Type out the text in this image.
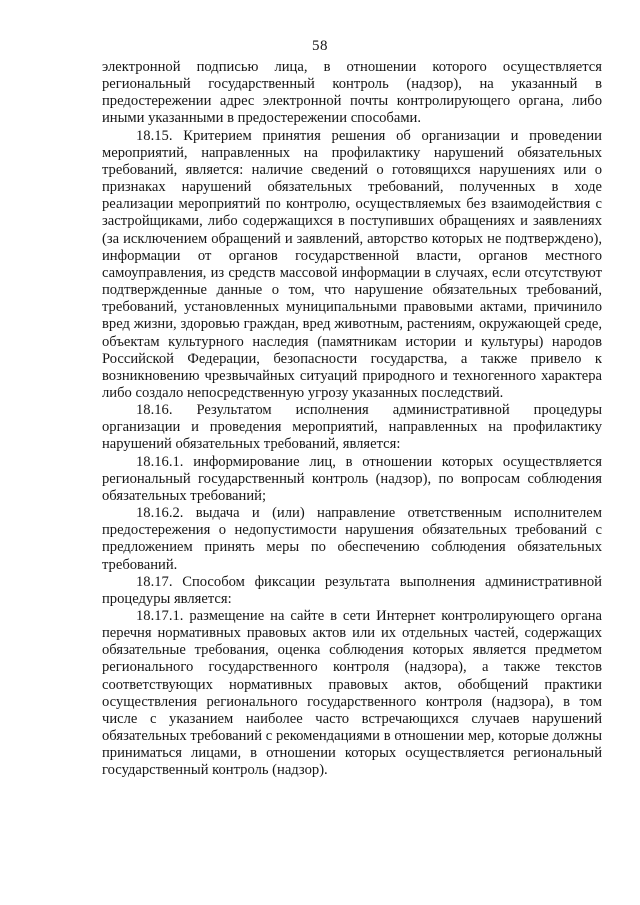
58

электронной подписью лица, в отношении которого осуществляется региональный государственный контроль (надзор), на указанный в предостережении адрес электронной почты контролирующего органа, либо иными указанными в предостережении способами.

18.15. Критерием принятия решения об организации и проведении мероприятий, направленных на профилактику нарушений обязательных требований, является: наличие сведений о готовящихся нарушениях или о признаках нарушений обязательных требований, полученных в ходе реализации мероприятий по контролю, осуществляемых без взаимодействия с застройщиками, либо содержащихся в поступивших обращениях и заявлениях (за исключением обращений и заявлений, авторство которых не подтверждено), информации от органов государственной власти, органов местного самоуправления, из средств массовой информации в случаях, если отсутствуют подтвержденные данные о том, что нарушение обязательных требований, требований, установленных муниципальными правовыми актами, причинило вред жизни, здоровью граждан, вред животным, растениям, окружающей среде, объектам культурного наследия (памятникам истории и культуры) народов Российской Федерации, безопасности государства, а также привело к возникновению чрезвычайных ситуаций природного и техногенного характера либо создало непосредственную угрозу указанных последствий.

18.16. Результатом исполнения административной процедуры организации и проведения мероприятий, направленных на профилактику нарушений обязательных требований, является:

18.16.1. информирование лиц, в отношении которых осуществляется региональный государственный контроль (надзор), по вопросам соблюдения обязательных требований;

18.16.2. выдача и (или) направление ответственным исполнителем предостережения о недопустимости нарушения обязательных требований с предложением принять меры по обеспечению соблюдения обязательных требований.

18.17. Способом фиксации результата выполнения административной процедуры является:

18.17.1. размещение на сайте в сети Интернет контролирующего органа перечня нормативных правовых актов или их отдельных частей, содержащих обязательные требования, оценка соблюдения которых является предметом регионального государственного контроля (надзора), а также текстов соответствующих нормативных правовых актов, обобщений практики осуществления регионального государственного контроля (надзора), в том числе с указанием наиболее часто встречающихся случаев нарушений обязательных требований с рекомендациями в отношении мер, которые должны приниматься лицами, в отношении которых осуществляется региональный государственный контроль (надзор).
